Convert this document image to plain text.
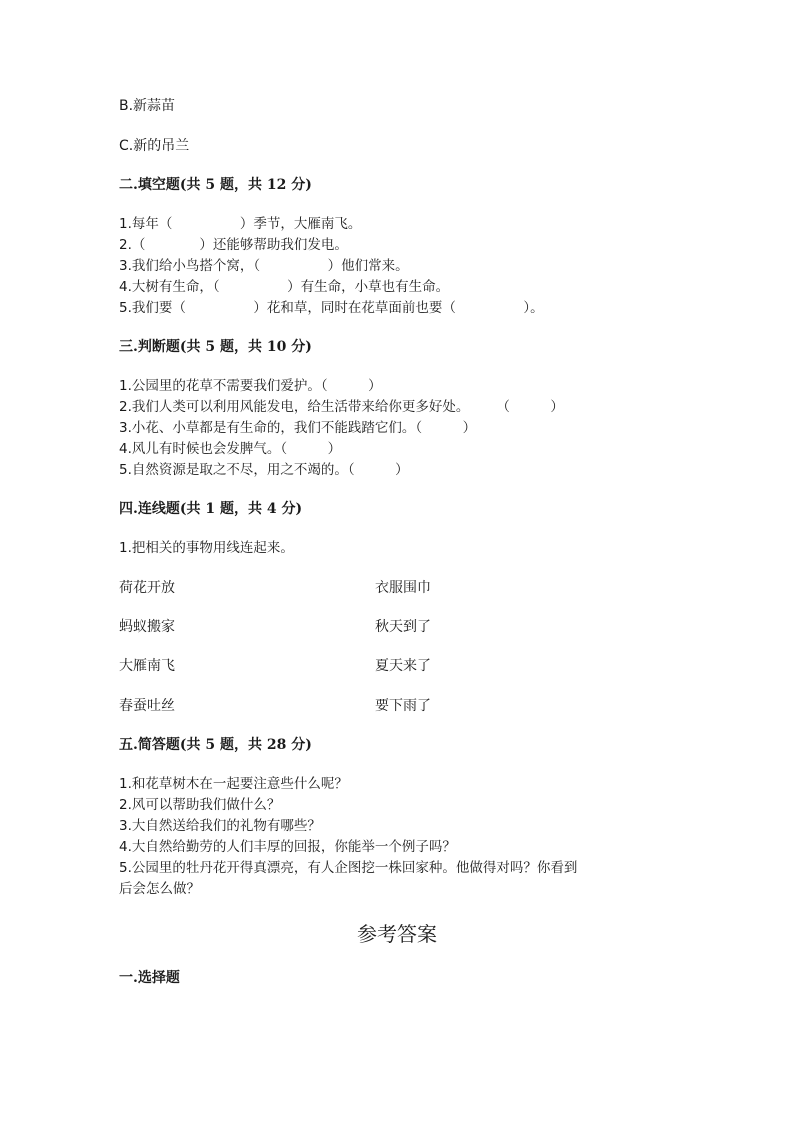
B.新蒜苗
C.新的吊兰
二.填空题(共 5 题，共 12 分)
1.每年（　　　　　）季节，大雁南飞。
2.（　　　　）还能够帮助我们发电。
3.我们给小鸟搭个窝，（　　　　　）他们常来。
4.大树有生命，（　　　　　）有生命，小草也有生命。
5.我们要（　　　　　）花和草，同时在花草面前也要（　　　　　）。
三.判断题(共 5 题，共 10 分)
1.公园里的花草不需要我们爱护。（　　　）
2.我们人类可以利用风能发电，给生活带来给你更多好处。　　　（　　　）
3.小花、小草都是有生命的，我们不能践踏它们。（　　　）
4.风儿有时候也会发脾气。（　　　）
5.自然资源是取之不尽，用之不竭的。（　　　）
四.连线题(共 1 题，共 4 分)
1.把相关的事物用线连起来。
荷花开放	衣服围巾
蚂蚁搬家	秋天到了
大雁南飞	夏天来了
春蚕吐丝	要下雨了
五.简答题(共 5 题，共 28 分)
1.和花草树木在一起要注意些什么呢？
2.风可以帮助我们做什么？
3.大自然送给我们的礼物有哪些？
4.大自然给勤劳的人们丰厚的回报，你能举一个例子吗？
5.公园里的牡丹花开得真漂亮，有人企图挖一株回家种。他做得对吗？你看到
后会怎么做？
参考答案
一.选择题
